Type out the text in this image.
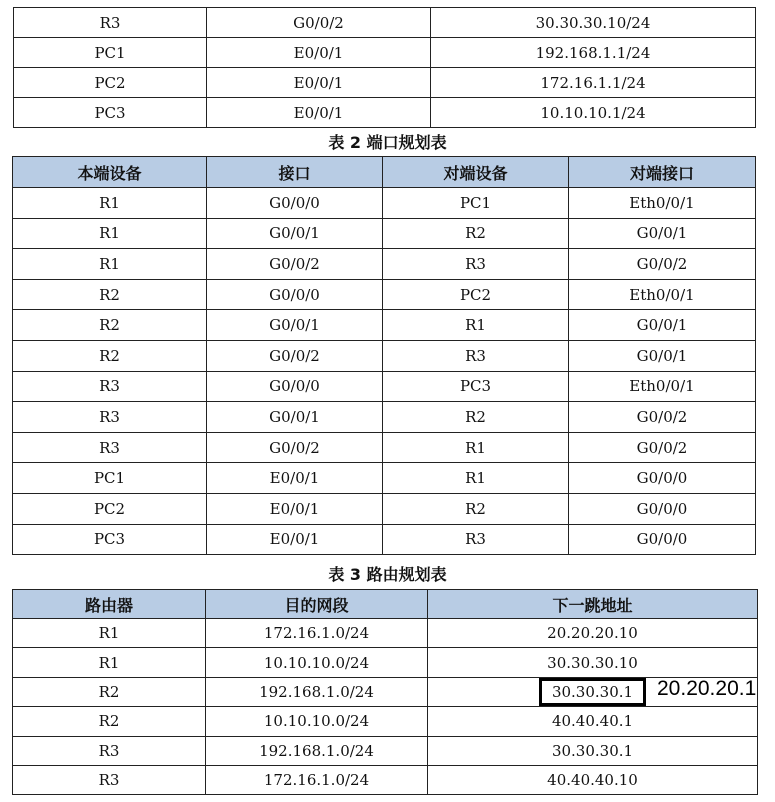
R3	G0/0/2	30.30.30.10/24
PC1	E0/0/1	192.168.1.1/24
PC2	E0/0/1	172.16.1.1/24
PC3	E0/0/1	10.10.10.1/24
表 2 端口规划表
本端设备	接口	对端设备	对端接口
R1	G0/0/0	PC1	Eth0/0/1
R1	G0/0/1	R2	G0/0/1
R1	G0/0/2	R3	G0/0/2
R2	G0/0/0	PC2	Eth0/0/1
R2	G0/0/1	R1	G0/0/1
R2	G0/0/2	R3	G0/0/1
R3	G0/0/0	PC3	Eth0/0/1
R3	G0/0/1	R2	G0/0/2
R3	G0/0/2	R1	G0/0/2
PC1	E0/0/1	R1	G0/0/0
PC2	E0/0/1	R2	G0/0/0
PC3	E0/0/1	R3	G0/0/0
表 3 路由规划表
路由器	目的网段	下一跳地址
R1	172.16.1.0/24	20.20.20.10
R1	10.10.10.0/24	30.30.30.10
R2	192.168.1.0/24	30.30.30.1
R2	10.10.10.0/24	40.40.40.1
R3	192.168.1.0/24	30.30.30.1
R3	172.16.1.0/24	40.40.40.10
20.20.20.1
